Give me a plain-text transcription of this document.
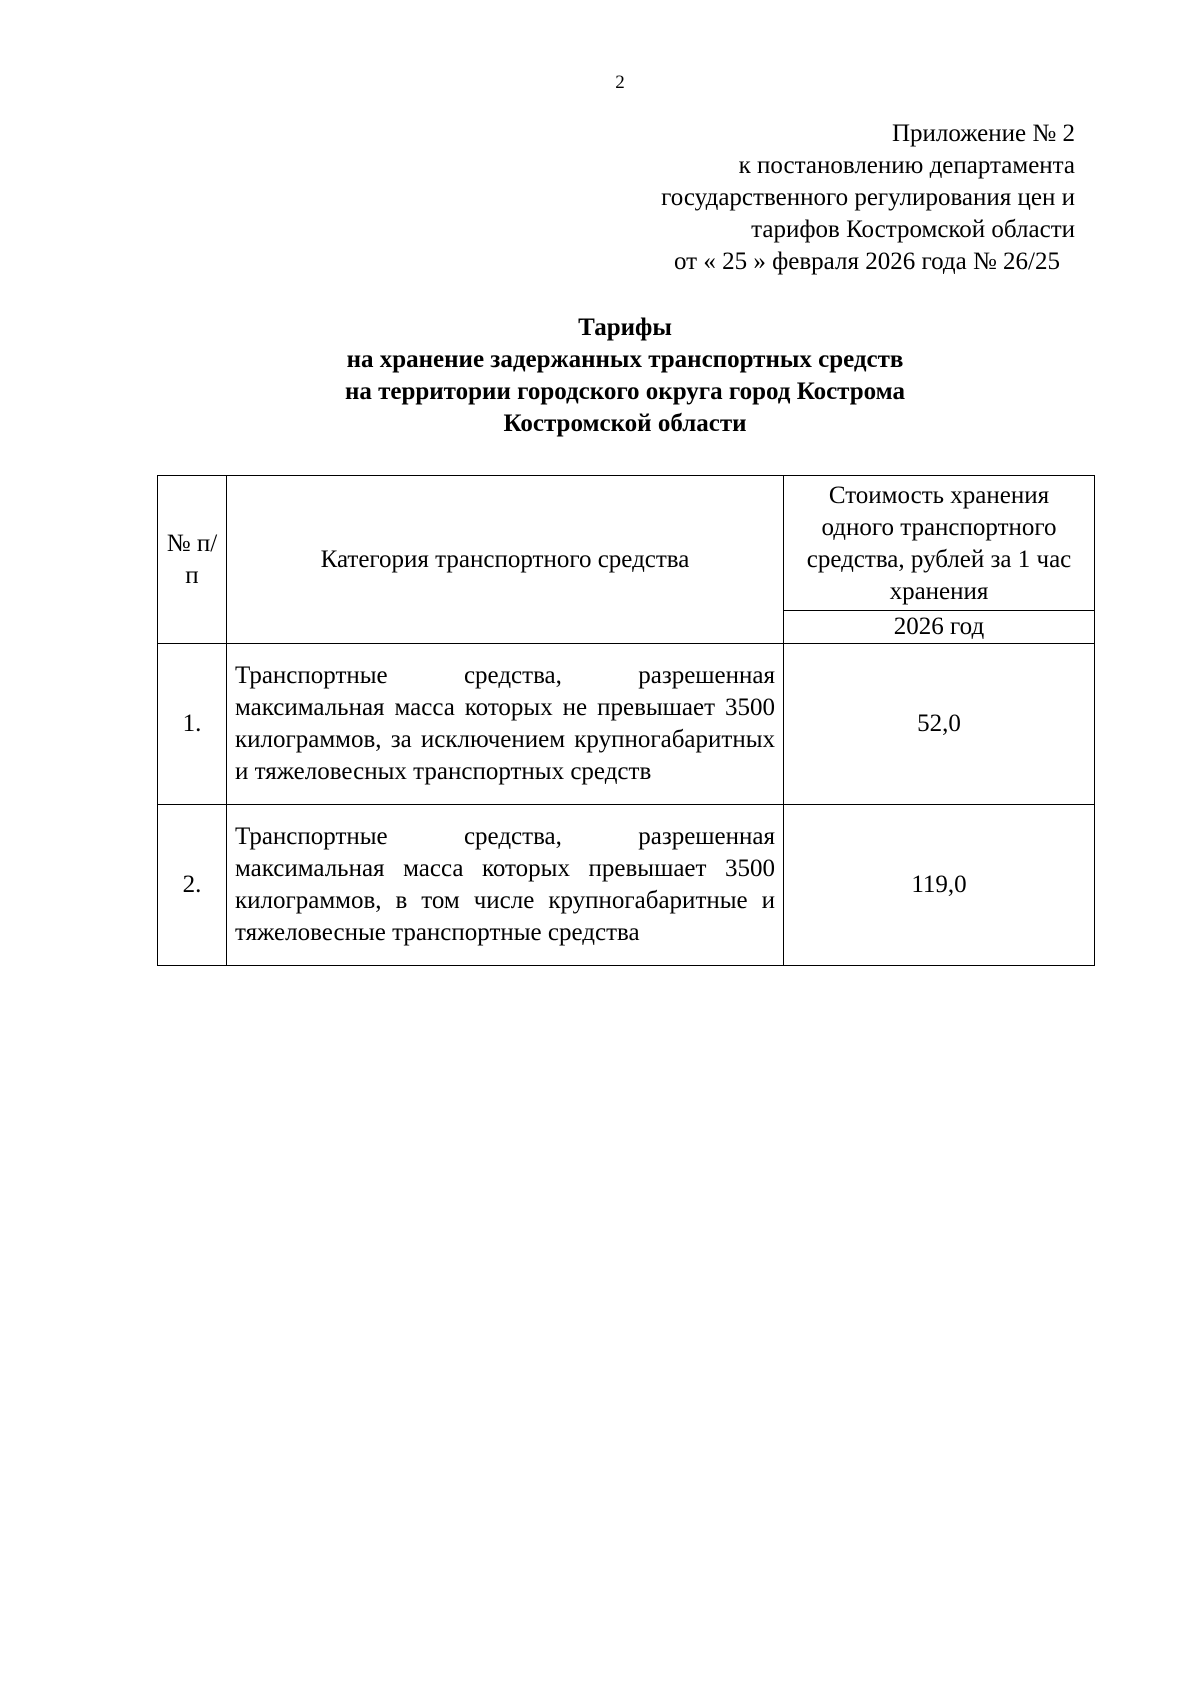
2
Приложение № 2
к постановлению департамента
государственного регулирования цен и
тарифов Костромской области
от « 25 » февраля 2026 года № 26/25
Тарифы
на хранение задержанных транспортных средств
на территории городского округа город Кострома
Костромской области
№ п/п	Категория транспортного средства	Стоимость хранения одного транспортного средства, рублей за 1 час хранения
		2026 год
1.	Транспортные средства, разрешенная максимальная масса которых не превышает 3500 килограммов, за исключением крупногабаритных и тяжеловесных транспортных средств	52,0
2.	Транспортные средства, разрешенная максимальная масса которых превышает 3500 килограммов, в том числе крупногабаритные и тяжеловесные транспортные средства	119,0
